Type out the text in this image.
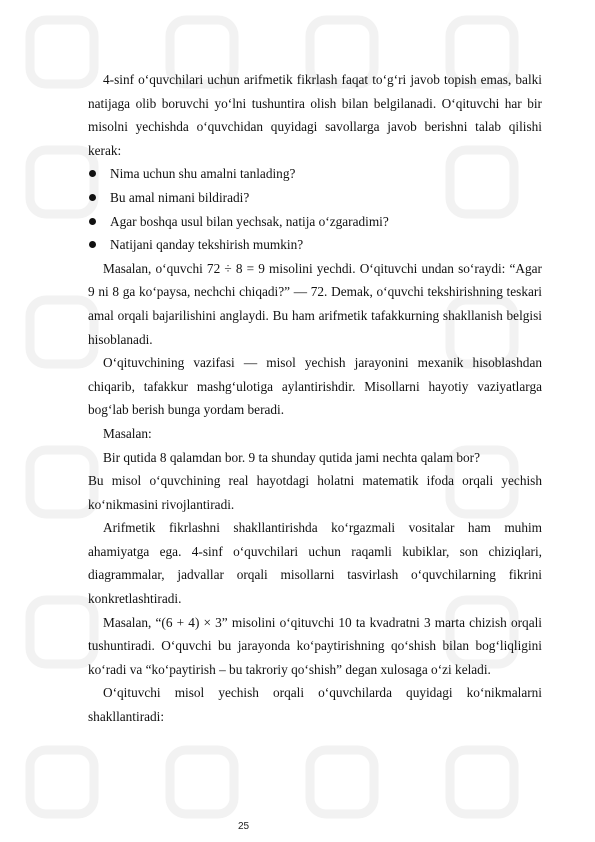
4-sinf o‘quvchilari uchun arifmetik fikrlash faqat to‘g‘ri javob topish emas, balki natijaga olib boruvchi yo‘lni tushuntira olish bilan belgilanadi. O‘qituvchi har bir misolni yechishda o‘quvchidan quyidagi savollarga javob berishni talab qilishi kerak:

Nima uchun shu amalni tanlading?
Bu amal nimani bildiradi?
Agar boshqa usul bilan yechsak, natija o‘zgaradimi?
Natijani qanday tekshirish mumkin?

Masalan, o‘quvchi 72 ÷ 8 = 9 misolini yechdi. O‘qituvchi undan so‘raydi: “Agar 9 ni 8 ga ko‘paysa, nechchi chiqadi?” — 72. Demak, o‘quvchi tekshirishning teskari amal orqali bajarilishini anglaydi. Bu ham arifmetik tafakkurning shakllanish belgisi hisoblanadi.

O‘qituvchining vazifasi — misol yechish jarayonini mexanik hisoblashdan chiqarib, tafakkur mashg‘ulotiga aylantirishdir. Misollarni hayotiy vaziyatlarga bog‘lab berish bunga yordam beradi.

Masalan:

Bir qutida 8 qalamdan bor. 9 ta shunday qutida jami nechta qalam bor?

Bu misol o‘quvchining real hayotdagi holatni matematik ifoda orqali yechish ko‘nikmasini rivojlantiradi.

Arifmetik fikrlashni shakllantirishda ko‘rgazmali vositalar ham muhim ahamiyatga ega. 4-sinf o‘quvchilari uchun raqamli kubiklar, son chiziqlari, diagrammalar, jadvallar orqali misollarni tasvirlash o‘quvchilarning fikrini konkretlashtiradi.

Masalan, “(6 + 4) × 3” misolini o‘qituvchi 10 ta kvadratni 3 marta chizish orqali tushuntiradi. O‘quvchi bu jarayonda ko‘paytirishning qo‘shish bilan bog‘liqligini ko‘radi va “ko‘paytirish – bu takroriy qo‘shish” degan xulosaga o‘zi keladi.

O‘qituvchi misol yechish orqali o‘quvchilarda quyidagi ko‘nikmalarni shakllantiradi:

25
